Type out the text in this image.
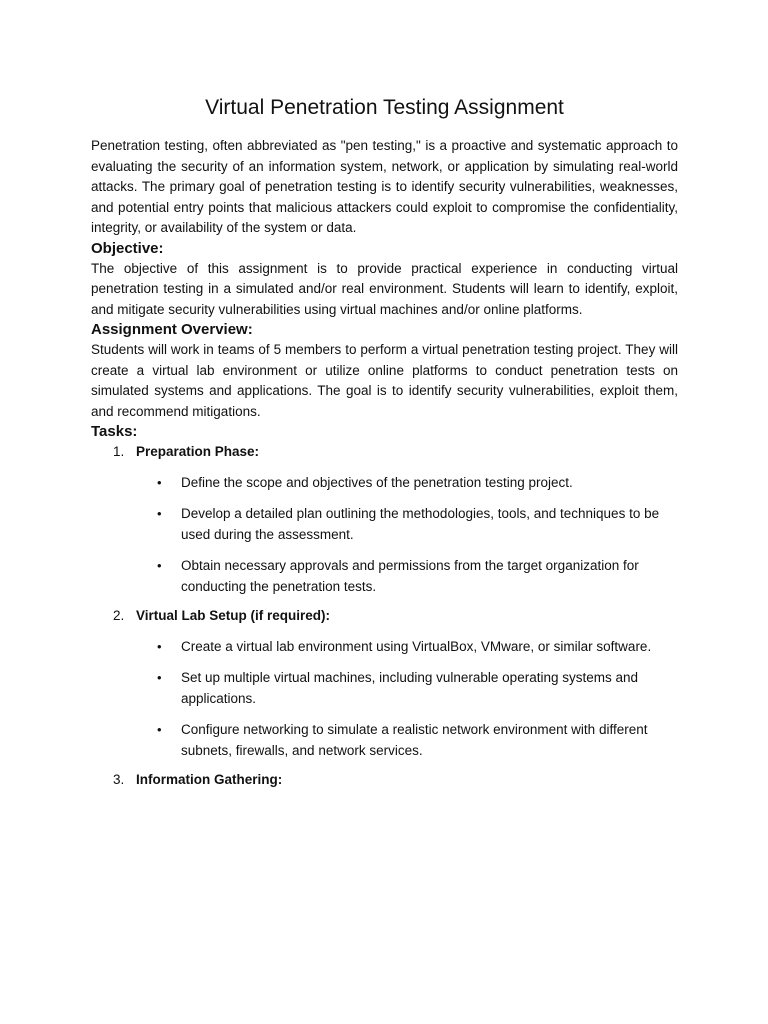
Virtual Penetration Testing Assignment

Penetration testing, often abbreviated as "pen testing," is a proactive and systematic approach to evaluating the security of an information system, network, or application by simulating real-world attacks. The primary goal of penetration testing is to identify security vulnerabilities, weaknesses, and potential entry points that malicious attackers could exploit to compromise the confidentiality, integrity, or availability of the system or data.

Objective:

The objective of this assignment is to provide practical experience in conducting virtual penetration testing in a simulated and/or real environment. Students will learn to identify, exploit, and mitigate security vulnerabilities using virtual machines and/or online platforms.

Assignment Overview:

Students will work in teams of 5 members to perform a virtual penetration testing project. They will create a virtual lab environment or utilize online platforms to conduct penetration tests on simulated systems and applications. The goal is to identify security vulnerabilities, exploit them, and recommend mitigations.

Tasks:
1. Preparation Phase:
• Define the scope and objectives of the penetration testing project.
• Develop a detailed plan outlining the methodologies, tools, and techniques to be used during the assessment.
• Obtain necessary approvals and permissions from the target organization for conducting the penetration tests.
2. Virtual Lab Setup (if required):
• Create a virtual lab environment using VirtualBox, VMware, or similar software.
• Set up multiple virtual machines, including vulnerable operating systems and applications.
• Configure networking to simulate a realistic network environment with different subnets, firewalls, and network services.
3. Information Gathering:
